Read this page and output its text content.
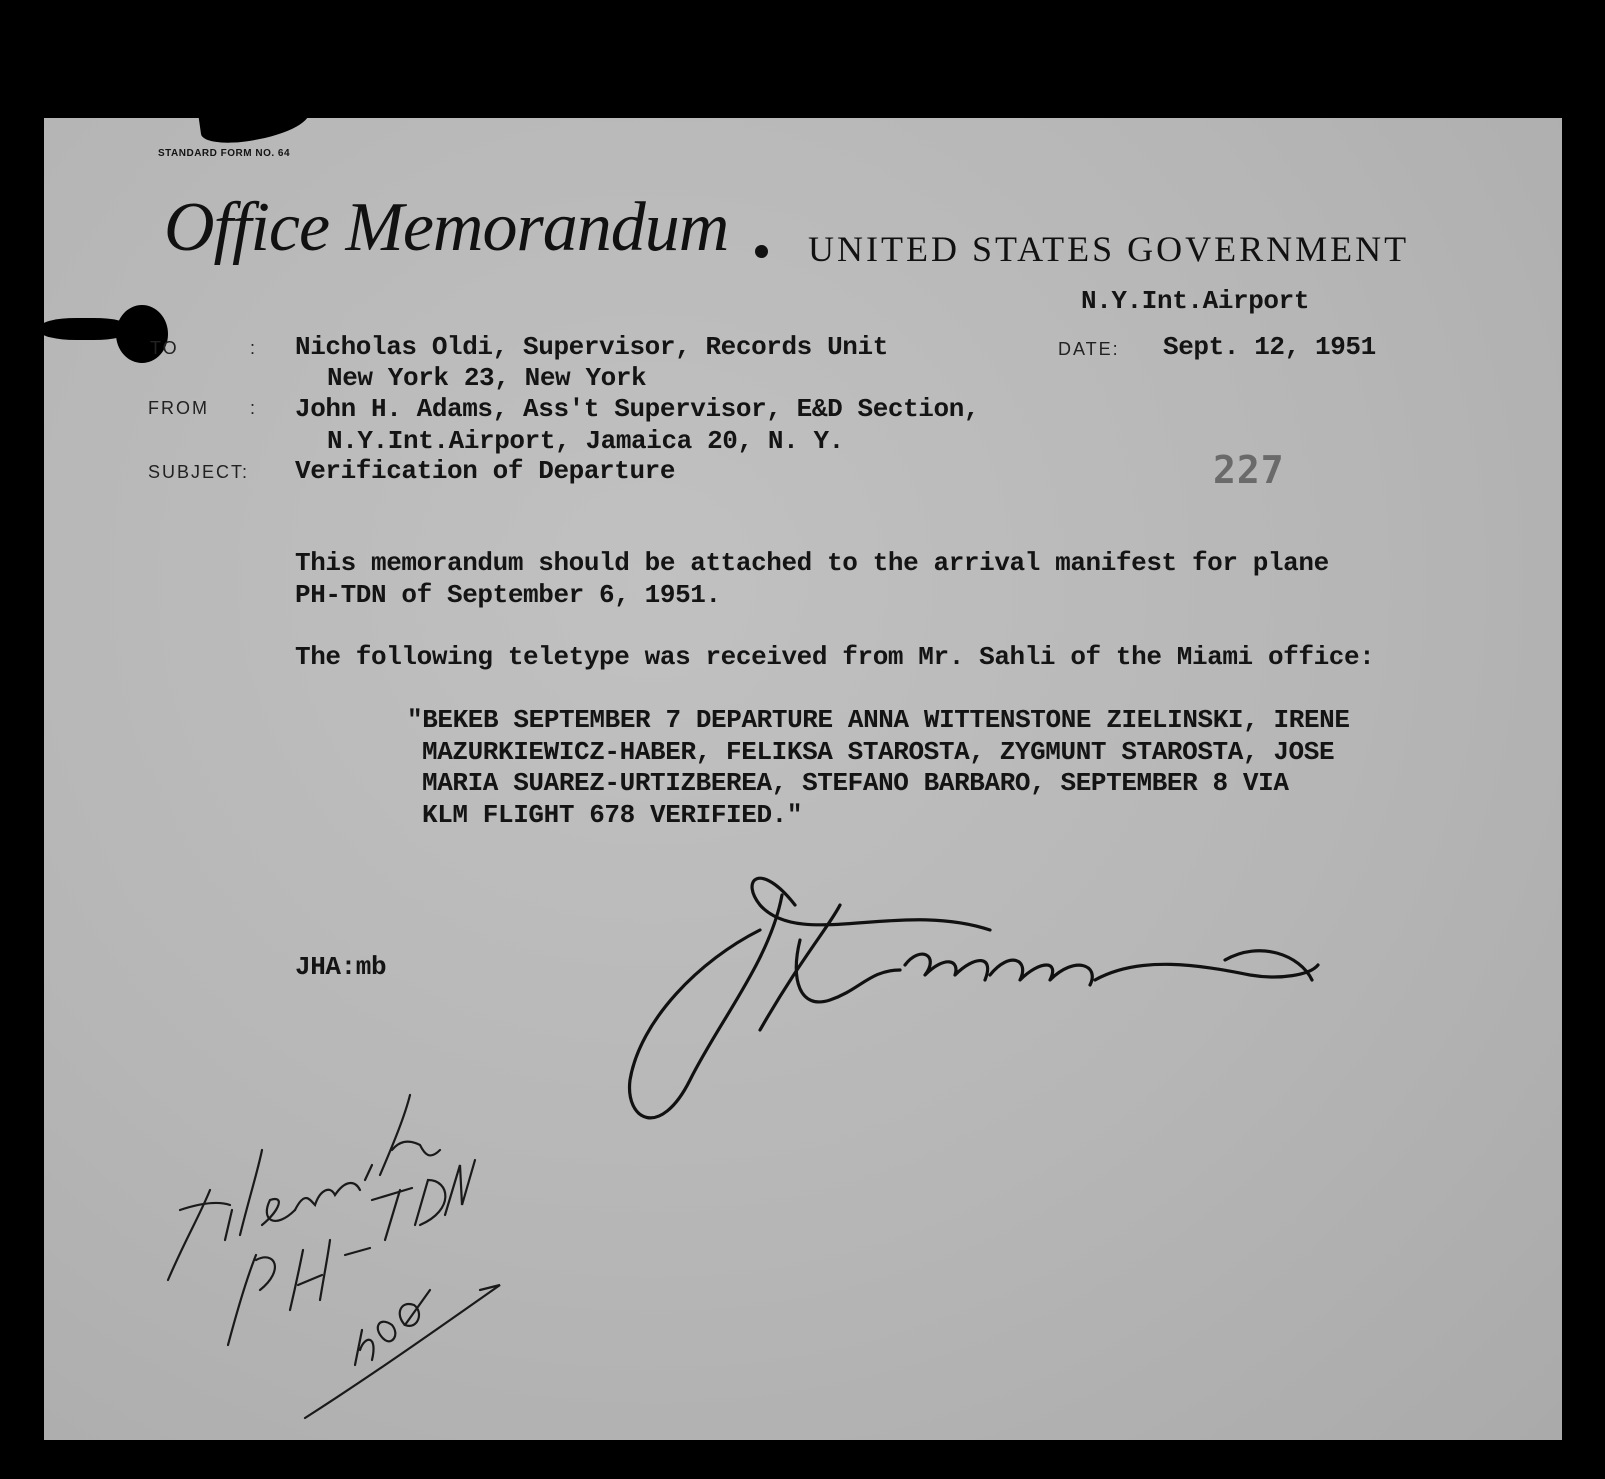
STANDARD FORM NO. 64
Office Memorandum UNITED STATES GOVERNMENT
N.Y.Int.Airport
TO	: Nicholas Oldi, Supervisor, Records Unit
New York 23, New York
DATE: Sept. 12, 1951
FROM : John H. Adams, Ass't Supervisor, E&D Section,
N.Y.Int.Airport, Jamaica 20, N. Y.
SUBJECT: Verification of Departure	227
This memorandum should be attached to the arrival manifest for plane
PH-TDN of September 6, 1951.
The following teletype was received from Mr. Sahli of the Miami office:
"BEKEB SEPTEMBER 7 DEPARTURE ANNA WITTENSTONE ZIELINSKI, IRENE
MAZURKIEWICZ-HABER, FELIKSA STAROSTA, ZYGMUNT STAROSTA, JOSE
MARIA SUAREZ-URTIZBEREA, STEFANO BARBARO, SEPTEMBER 8 VIA
KLM FLIGHT 678 VERIFIED."
JHA:mb
